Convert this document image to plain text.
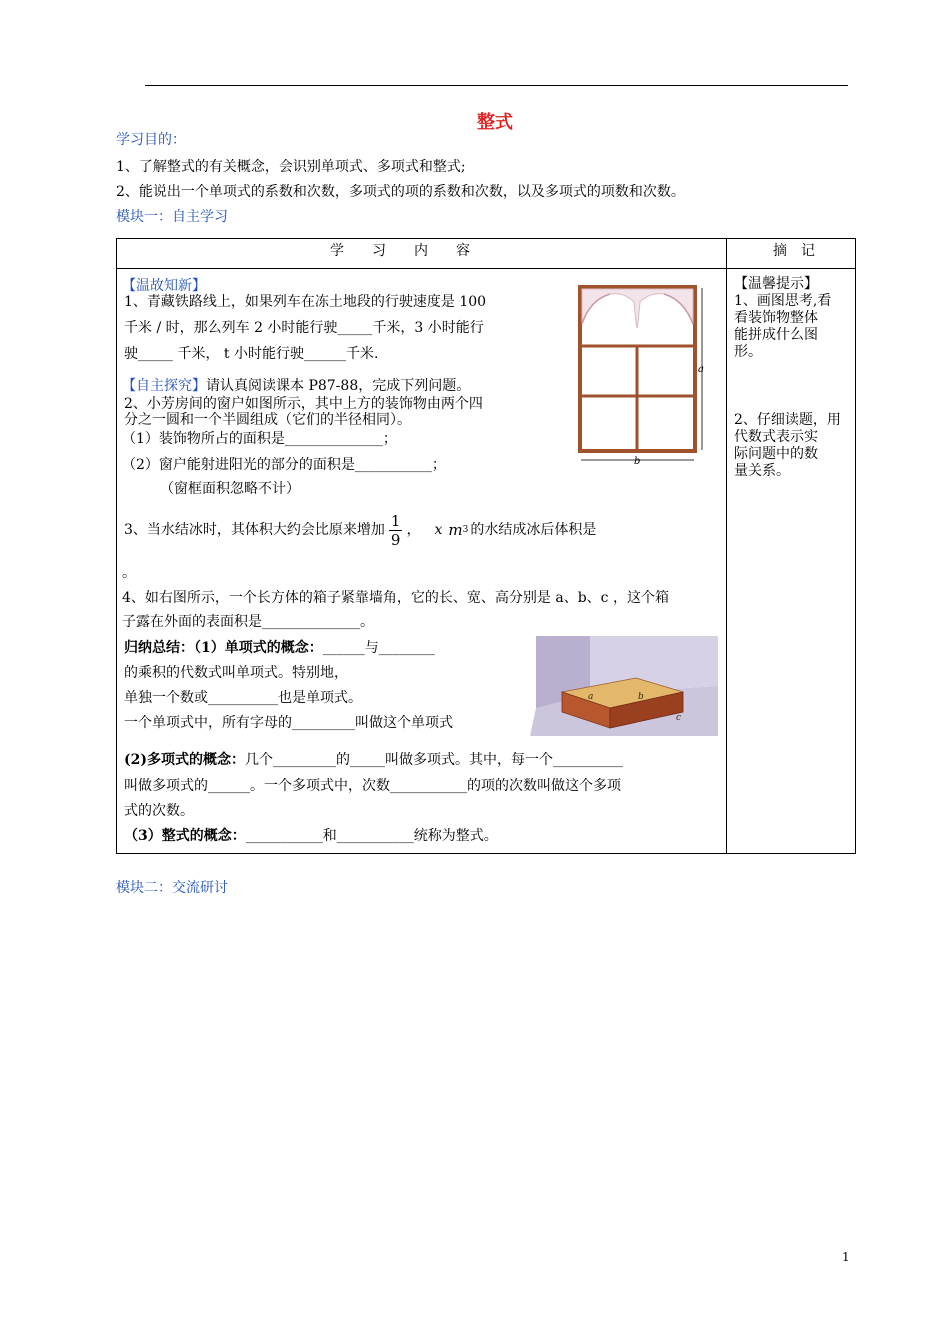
整式
学习目的：
1、了解整式的有关概念，会识别单项式、多项式和整式;
2、能说出一个单项式的系数和次数，多项式的项的系数和次数，以及多项式的项数和次数。
模块一：自主学习
学　　习　　内　　容	摘　记
【温故知新】
1、青藏铁路线上，如果列车在冻土地段的行驶速度是 100
千米 / 时，那么列车 2 小时能行驶_____千米，3 小时能行
驶_____ 千米， t 小时能行驶______千米.
a
b
【自主探究】请认真阅读课本 P87-88，完成下列问题。
2、小芳房间的窗户如图所示，其中上方的装饰物由两个四
分之一圆和一个半圆组成（它们的半径相同）。
（1）装饰物所占的面积是______________；
（2）窗户能射进阳光的部分的面积是___________；
（窗框面积忽略不计）
3、当水结冰时，其体积大约会比原来增加 $\frac{1}{9}$ ， x m 3 的水结成冰后体积是
。
4、如右图所示，一个长方体的箱子紧靠墙角，它的长、宽、高分别是 a、b、c ，这个箱
子露在外面的表面积是______________。
a	b
c
归纳总结：（1）单项式的概念：______与________
的乘积的代数式叫单项式。特别地，
单独一个数或__________也是单项式。
一个单项式中，所有字母的_________叫做这个单项式
(2)多项式的概念：几个_________的_____叫做多项式。其中，每一个__________
叫做多项式的______。一个多项式中，次数___________的项的次数叫做这个多项
式的次数。
（3）整式的概念：___________和___________统称为整式。
【温馨提示】
1、画图思考,看
看装饰物整体
能拼成什么图
形。
2、仔细读题，用
代数式表示实
际问题中的数
量关系。
模块二：交流研讨
1
